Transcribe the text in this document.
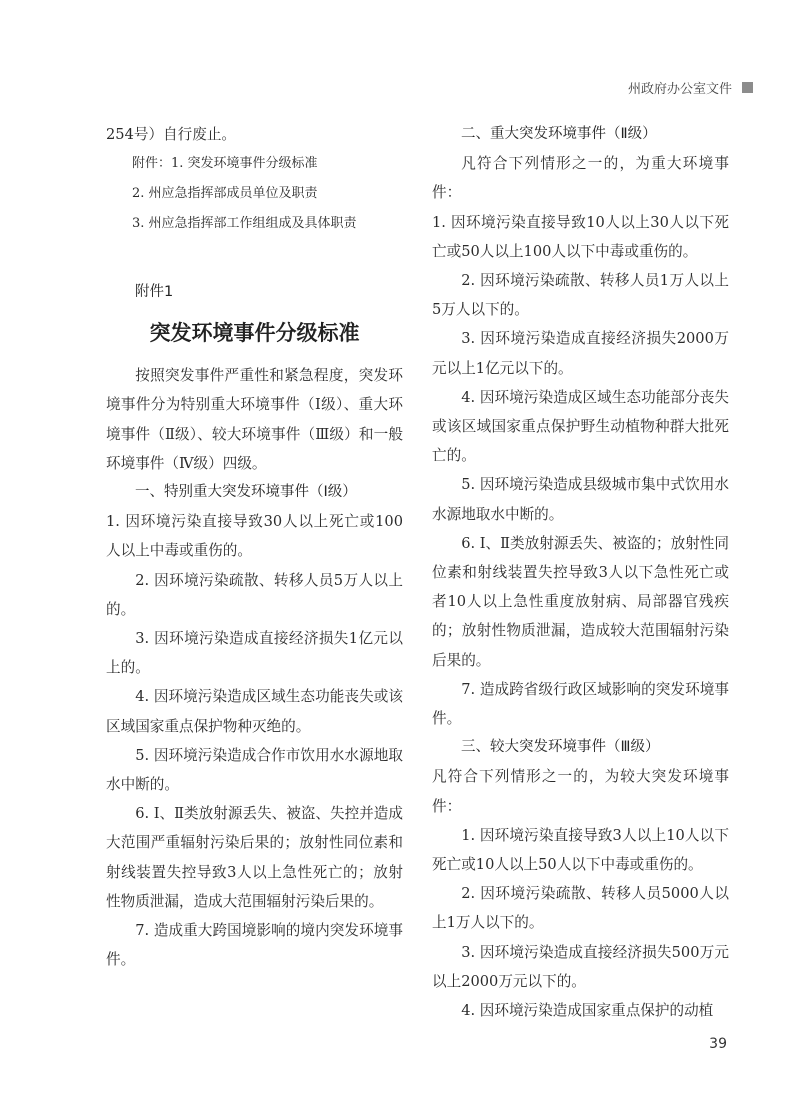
州政府办公室文件

254号）自行废止。

附件：1. 突发环境事件分级标准

2. 州应急指挥部成员单位及职责

3. 州应急指挥部工作组组成及具体职责

附件1

突发环境事件分级标准

按照突发事件严重性和紧急程度，突发环境事件分为特别重大环境事件（Ⅰ级）、重大环境事件（Ⅱ级）、较大环境事件（Ⅲ级）和一般环境事件（Ⅳ级）四级。

一、特别重大突发环境事件（Ⅰ级）

1. 因环境污染直接导致30人以上死亡或100人以上中毒或重伤的。

2. 因环境污染疏散、转移人员5万人以上的。

3. 因环境污染造成直接经济损失1亿元以上的。

4. 因环境污染造成区域生态功能丧失或该区域国家重点保护物种灭绝的。

5. 因环境污染造成合作市饮用水水源地取水中断的。

6. Ⅰ、Ⅱ类放射源丢失、被盗、失控并造成大范围严重辐射污染后果的；放射性同位素和射线装置失控导致3人以上急性死亡的；放射性物质泄漏，造成大范围辐射污染后果的。

7. 造成重大跨国境影响的境内突发环境事件。

二、重大突发环境事件（Ⅱ级）

凡符合下列情形之一的，为重大环境事件：

1. 因环境污染直接导致10人以上30人以下死亡或50人以上100人以下中毒或重伤的。

2. 因环境污染疏散、转移人员1万人以上5万人以下的。

3. 因环境污染造成直接经济损失2000万元以上1亿元以下的。

4. 因环境污染造成区域生态功能部分丧失或该区域国家重点保护野生动植物种群大批死亡的。

5. 因环境污染造成县级城市集中式饮用水水源地取水中断的。

6. Ⅰ、Ⅱ类放射源丢失、被盗的；放射性同位素和射线装置失控导致3人以下急性死亡或者10人以上急性重度放射病、局部器官残疾的；放射性物质泄漏，造成较大范围辐射污染后果的。

7. 造成跨省级行政区域影响的突发环境事件。

三、较大突发环境事件（Ⅲ级）

凡符合下列情形之一的，为较大突发环境事件：

1. 因环境污染直接导致3人以上10人以下死亡或10人以上50人以下中毒或重伤的。

2. 因环境污染疏散、转移人员5000人以上1万人以下的。

3. 因环境污染造成直接经济损失500万元以上2000万元以下的。

4. 因环境污染造成国家重点保护的动植

39
